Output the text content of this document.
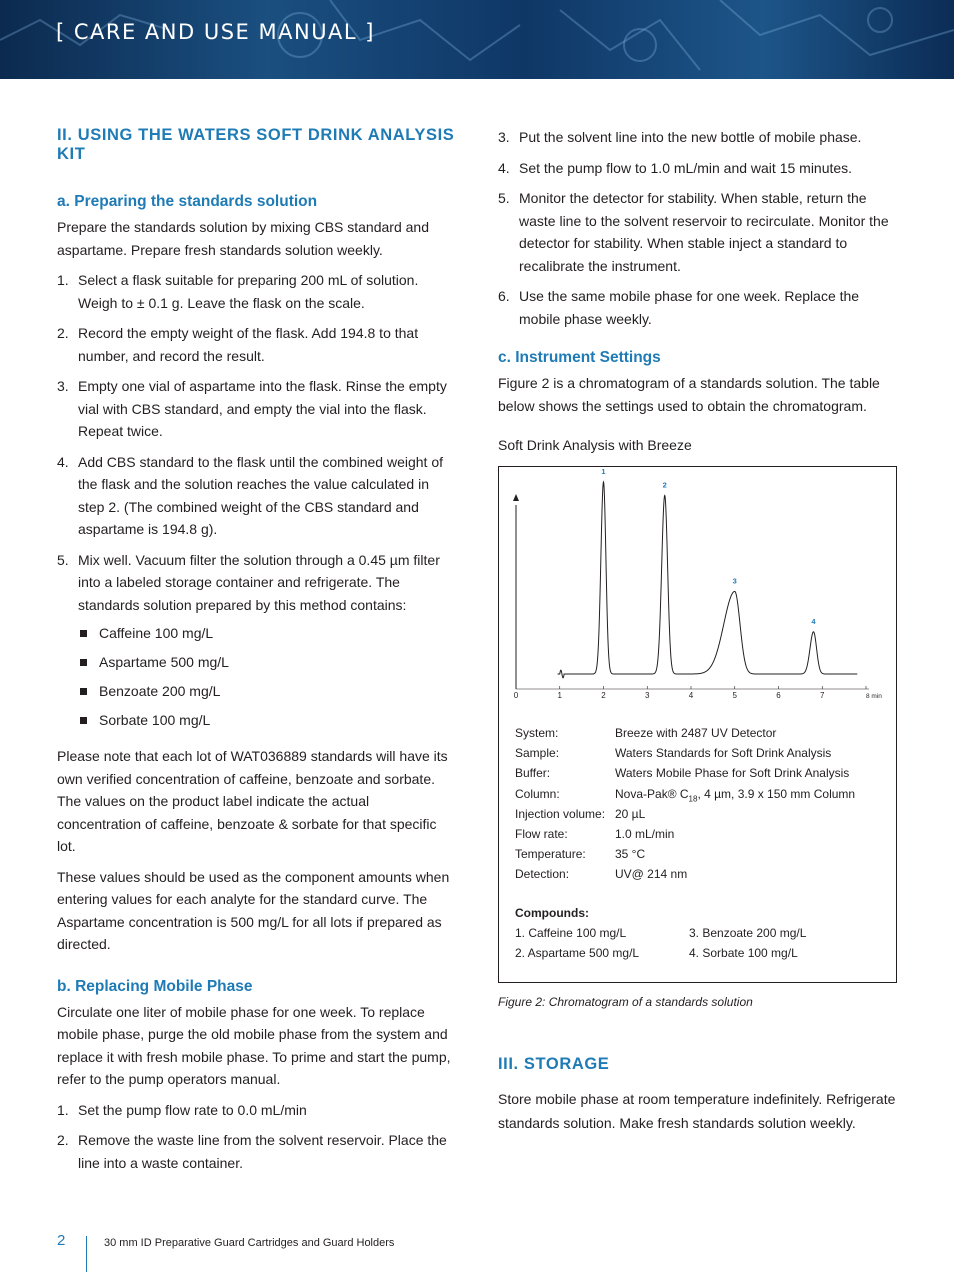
[ CARE AND USE MANUAL ]
II. USING THE WATERS SOFT DRINK ANALYSIS KIT
a. Preparing the standards solution

Prepare the standards solution by mixing CBS standard and aspartame. Prepare fresh standards solution weekly.

1. Select a flask suitable for preparing 200 mL of solution. Weigh to ± 0.1 g. Leave the flask on the scale.
2. Record the empty weight of the flask. Add 194.8 to that number, and record the result.
3. Empty one vial of aspartame into the flask. Rinse the empty vial with CBS standard, and empty the vial into the flask. Repeat twice.
4. Add CBS standard to the flask until the combined weight of the flask and the solution reaches the value calculated in step 2. (The combined weight of the CBS standard and aspartame is 194.8 g).
5. Mix well. Vacuum filter the solution through a 0.45 µm filter into a labeled storage container and refrigerate. The standards solution prepared by this method contains:
Caffeine 100 mg/L
Aspartame 500 mg/L
Benzoate 200 mg/L
Sorbate 100 mg/L

Please note that each lot of WAT036889 standards will have its own verified concentration of caffeine, benzoate and sorbate. The values on the product label indicate the actual concentration of caffeine, benzoate & sorbate for that specific lot.

These values should be used as the component amounts when entering values for each analyte for the standard curve. The Aspartame concentration is 500 mg/L for all lots if prepared as directed.

b. Replacing Mobile Phase

Circulate one liter of mobile phase for one week. To replace mobile phase, purge the old mobile phase from the system and replace it with fresh mobile phase. To prime and start the pump, refer to the pump operators manual.

1. Set the pump flow rate to 0.0 mL/min
2. Remove the waste line from the solvent reservoir. Place the line into a waste container.
3. Put the solvent line into the new bottle of mobile phase.
4. Set the pump flow to 1.0 mL/min and wait 15 minutes.
5. Monitor the detector for stability. When stable, return the waste line to the solvent reservoir to recirculate. Monitor the detector for stability. When stable inject a standard to recalibrate the instrument.
6. Use the same mobile phase for one week. Replace the mobile phase weekly.
c. Instrument Settings

Figure 2 is a chromatogram of a standards solution. The table below shows the settings used to obtain the chromatogram.

Soft Drink Analysis with Breeze
0	1	2	3	4	5	6	7	8 min
1
2
3
4
System:	Breeze with 2487 UV Detector
Sample:	Waters Standards for Soft Drink Analysis
Buffer:	Waters Mobile Phase for Soft Drink Analysis
Column:	Nova-Pak® $C_{18}$, 4 µm, 3.9 x 150 mm Column
Injection volume: 20 µL
Flow rate:	1.0 mL/min
Temperature: 35 °C
Detection:	UV@ 214 nm
Compounds:
1. Caffeine 100 mg/L	3. Benzoate 200 mg/L
2. Aspartame 500 mg/L	4. Sorbate 100 mg/L
Figure 2: Chromatogram of a standards solution
III. STORAGE

Store mobile phase at room temperature indefinitely. Refrigerate standards solution. Make fresh standards solution weekly.

2	30 mm ID Preparative Guard Cartridges and Guard Holders
